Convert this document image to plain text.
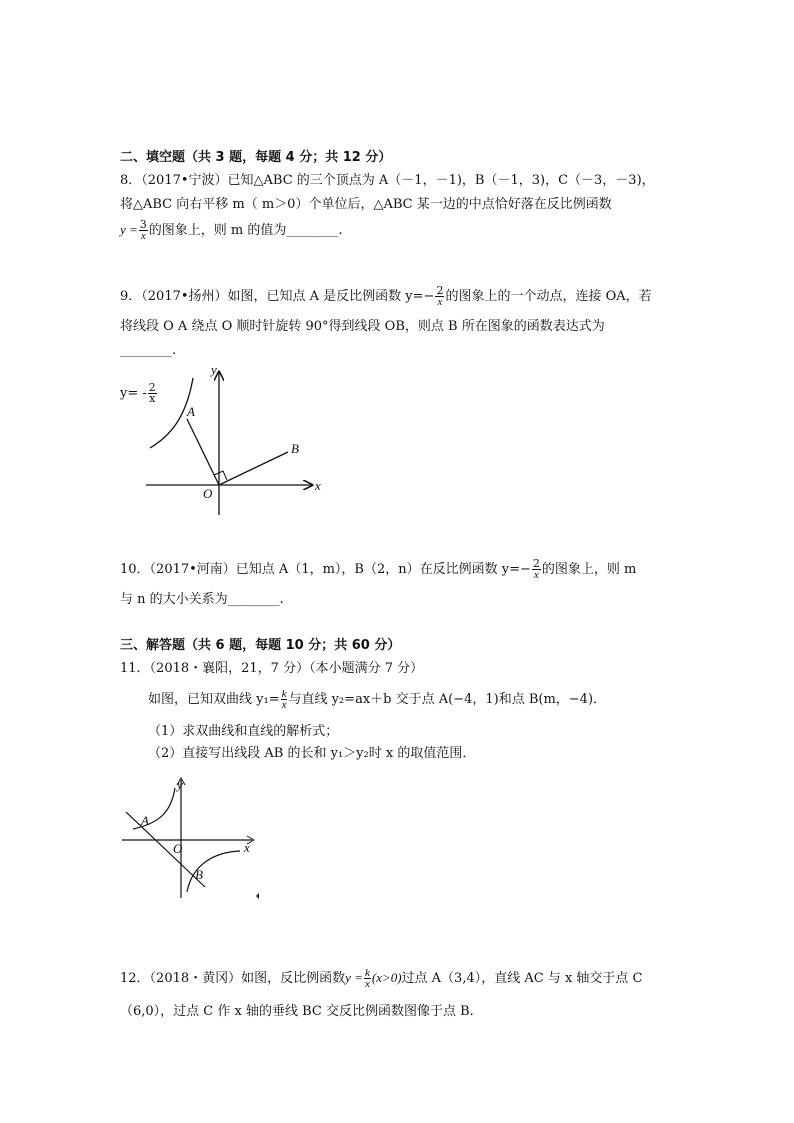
二、填空题（共 3 题，每题 4 分；共 12 分）
8．（2017•宁波）已知△ABC 的三个顶点为 A（－1，－1)，B（－1，3)，C（－3，－3)，
将△ABC 向右平移 m（ m＞0）个单位后，△ABC 某一边的中点恰好落在反比例函数
$y = \frac{3}{x}$ 的图象上，则 m 的值为________.
9．（2017•扬州）如图，已知点 A 是反比例函数 $y=- \frac{2}{x}$ 的图象上的一个动点，连接 OA，若
将线段 O A 绕点 O 顺时针旋转 90°得到线段 OB，则点 B 所在图象的函数表达式为
________.
$y= - \frac{2}{x}$
y
x
A
B
O
10．（2017•河南）已知点 A（1，m），B（2，n）在反比例函数 $y=- \frac{2}{x}$ 的图象上，则 m
与 n 的大小关系为________.
三、解答题（共 6 题，每题 10 分；共 60 分）
11．（2018・襄阳，21，7 分）（本小题满分 7 分）
如图，已知双曲线 $y_1= \frac{k}{x}$ 与直线 y₂=ax＋b 交于点 A(−4，1)和点 B(m，−4)．
（1）求双曲线和直线的解析式；
（2）直接写出线段 AB 的长和 y₁＞y₂时 x 的取值范围．
y
x
A
O
B
12．（2018・黄冈）如图，反比例函数$y = \frac{k}{x} (x>0)$过点 A（3,4），直线 AC 与 x 轴交于点 C
（6,0），过点 C 作 x 轴的垂线 BC 交反比例函数图像于点 B．
